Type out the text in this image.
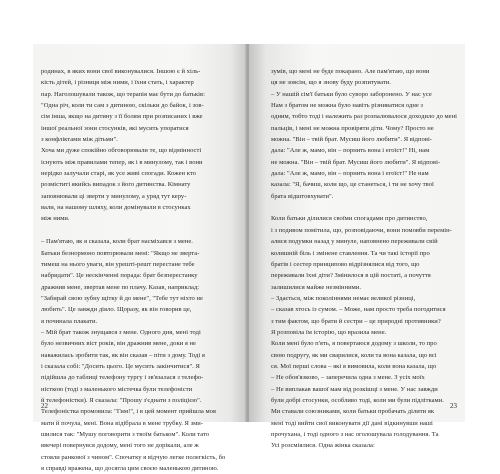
родинах, в яких вони свої виконувалися. Іншою є й хіль-
кість дітей, і різниця між ними, і їхня стать, і характер
пар. Наголошували також, що терапія має бути до батьків:
"Одна річ, коли ти сам з дитиною, скільки до байок, і зов-
сім інша, якщо на дитину з її болям при розписаних і вже
іншої реальної зони стосунків, які мусить упоратися
з конфліктами між дітьми".
Хоча ми дуже спокійно обговорювали те, що відмінності
існують між правилами тепер, як і в минулому, так і вони
нерідко залучали старі, як усе живі спогади. Кожен кто
розміститі якийсь випадок з його дитинства. Кімнату
заповнювали ці зверти у минулому, а уряд тут керу-
вали, на нашому шляху, коли домінували в стосунках
між ними.
– Пам'ятаю, як я сказала, коли брат насміхався з мене.
Батьки безнормоно повторювали мені: "Якщо не зверта-
тимеш на нього уваги, він урешті-решт перестане тебе
набридати". Це нескінченні порада: брат безперестанку
дражнив мене, звертав мене по плачу. Казав, наприклад:
"Забирай свою зубну щітку й до мене", "Тебе тут ніхто не
любить". Це завжди діяло. Щоразу, як він говорив це,
я починала плакати.
– Мій брат також знущався з мене. Одного дня, мені тоді
було незвичних віст років, він дражнив мене, доки я не
наважилась зробити так, як він сказав – піти з дому. Тоді я
і сказала собі: "Досить цього. Це мусить закінчитися". Я
підійшла до таблиці телефону тургу і зв'язалася з телефо-
ністкою (тоді з маленького містечка були телефоністи
й телефоністки). Я сказала: "Прошу з'єднати з поліцією".
Телефоністка промовила: "Гим!", і в цей момент прийшла моя
мати й почула, мені. Вона відібрала в мене трубку. Я зми-
шилися так: "Мушу поговорити з твоїм батьком". Коли тато
ввечері повернувся додому, мені того не дорікали, але ж
стояли ранкової з чином". Спочатку я відчую легке полегкість, бо
я справді вражена, що досягла цим своєю маленькою дитиною.
22
зумів, що мені не буде покарано. Але пам'ятаю, що вони
ця не зовсім, що я знову буду розпитувати.
– У нашій сім'ї батьки було суворо заборонено. У нас усе
Нам з братом не можна було навіть різниватися одне з
одним, тобто тоді і належить раз розпалювалося доходило до мені
пальців, і мені не можна провіряти діти. Чому? Просто не
можна. "Він – твій брат. Мусиш його любити". Я відпові-
дала: "Але ж, мамо, він – порнить вона і егоїст!" Ні, нам
не можна. "Він – твій брат. Мусиш його любити". Я відпові-
дала: "Але ж, мамо, він – порнить вона і егоїст!" Не нам
казала: "Я, бачиш, коли що, це станеться, і ти не хочу твої
брата відштовхувати".
Коли батьки ділилися своїми спогадами про дитинство,
і з подивом помітила, що, розповідаючи, вони помовби перемін-
алися подумки назад у минуле, наповнено переживали свій
колишній біль і змінене ставлення. Та чи такі історії про
братів і сестер принципово відрізнялися від того, що
переживали їхні діти? Змінилося в цій постаті, а почуття
залишилися майже незмінними.
– Здається, між поколіннями немає великої різниці,
– сказав хтось із сумом. – Може, нам просто треба погодитися
з тим фактом, що брати й сестри – це природні противники?
Я розповіла їм історію, що вразила мене.
Коли мені було п'ять, я повертаюся додому з школи, то про
свою подругу, як ми сварилися, коли та вона казала, що всі
ся. Мої перші слова – які я вимовила, коли вона казала, що
– Не обов'язково, – заперечила одна з мене. З усіх моїх
– Не виплакав вашої мам від розкішці з мене. У нас завжди
були добрі стосунки, особливо тоді, коли ми були підлітками.
Ми ставали союзниками, коли батьки пробачать ділити як
мені тоді вийти свої виконувати дії дані відкинувши наші
прочухана, і тоді одного з нас оголошувала голодування. Та
Усі розсміялися. Одна жінка сказала:
23
